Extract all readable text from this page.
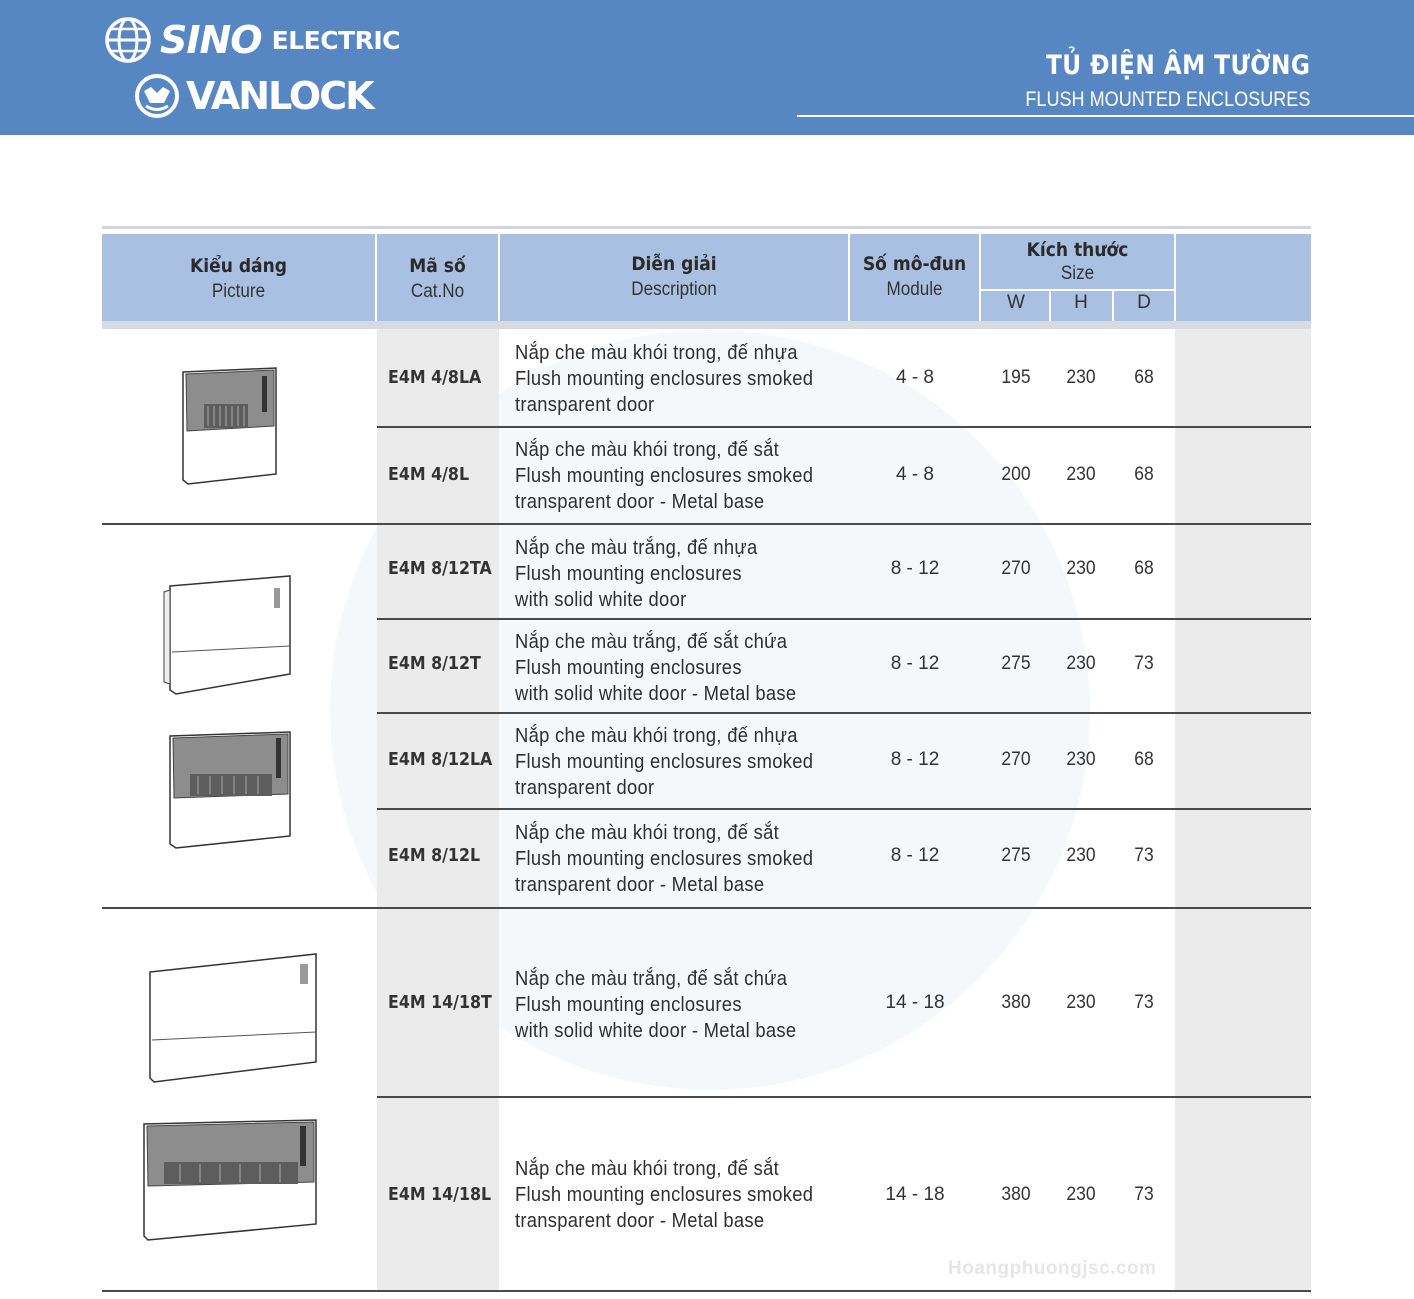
SINO ELECTRIC
VANLOCK
TỦ ĐIỆN ÂM TƯỜNG
FLUSH MOUNTED ENCLOSURES
Kiểu dáng
Picture
Mã số
Cat.No
Diễn giải
Description
Số mô-đun
Module
Kích thước
Size
W	H	D
E4M 4/8LA
Nắp che màu khói trong, đế nhựa
Flush mounting enclosures smoked
transparent door
4 - 8	195	230	68
E4M 4/8L
Nắp che màu khói trong, đế sắt
Flush mounting enclosures smoked
transparent door - Metal base
4 - 8	200	230	68
E4M 8/12TA
Nắp che màu trắng, đế nhựa
Flush mounting enclosures
with solid white door
8 - 12	270	230	68
E4M 8/12T
Nắp che màu trắng, đế sắt chứa
Flush mounting enclosures
with solid white door - Metal base
8 - 12	275	230	73
E4M 8/12LA
Nắp che màu khói trong, đế nhựa
Flush mounting enclosures smoked
transparent door
8 - 12	270	230	68
E4M 8/12L
Nắp che màu khói trong, đế sắt
Flush mounting enclosures smoked
transparent door - Metal base
8 - 12	275	230	73
E4M 14/18T
Nắp che màu trắng, đế sắt chứa
Flush mounting enclosures
with solid white door - Metal base
14 - 18	380	230	73
E4M 14/18L
Nắp che màu khói trong, đế sắt
Flush mounting enclosures smoked
transparent door - Metal base
14 - 18	380	230	73
Hoangphuongjsc.com
